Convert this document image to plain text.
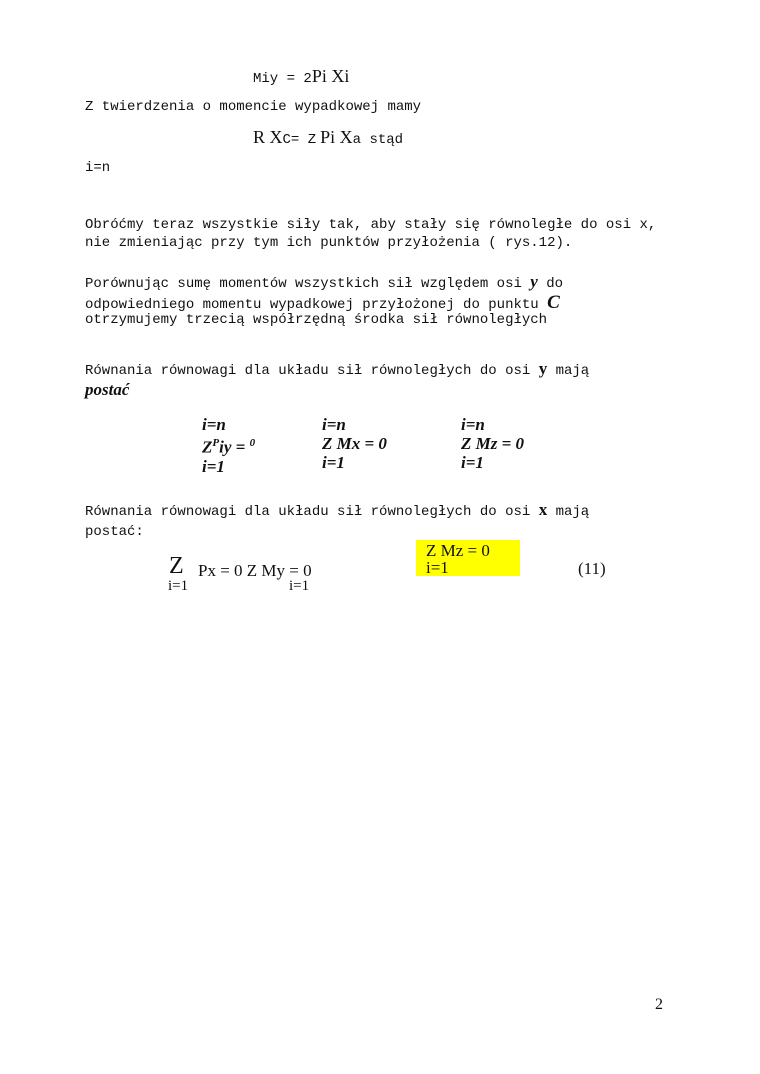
Miy = 2Pi Xi
Z twierdzenia o momencie wypadkowej mamy
R XC= Z Pi Xa stąd
i=n
Obróćmy teraz wszystkie siły tak, aby stały się równoległe do osi x, nie zmieniając przy tym ich punktów przyłożenia ( rys.12).
Porównując sumę momentów wszystkich sił względem osi y do
odpowiedniego momentu wypadkowej przyłożonej do punktu C
otrzymujemy trzecią współrzędną środka sił równoległych
Równania równowagi dla układu sił równoległych do osi y mają
postać
i=n
$Z^Piy = ^0$
i=1
i=n
Z Mx = 0
i=1
i=n
Z Mz = 0
i=1
Równania równowagi dla układu sił równoległych do osi x mają
postać:
Z Px = 0 Z My = 0
i=1	i=1
Z Mz = 0
i=1	(11)
2
